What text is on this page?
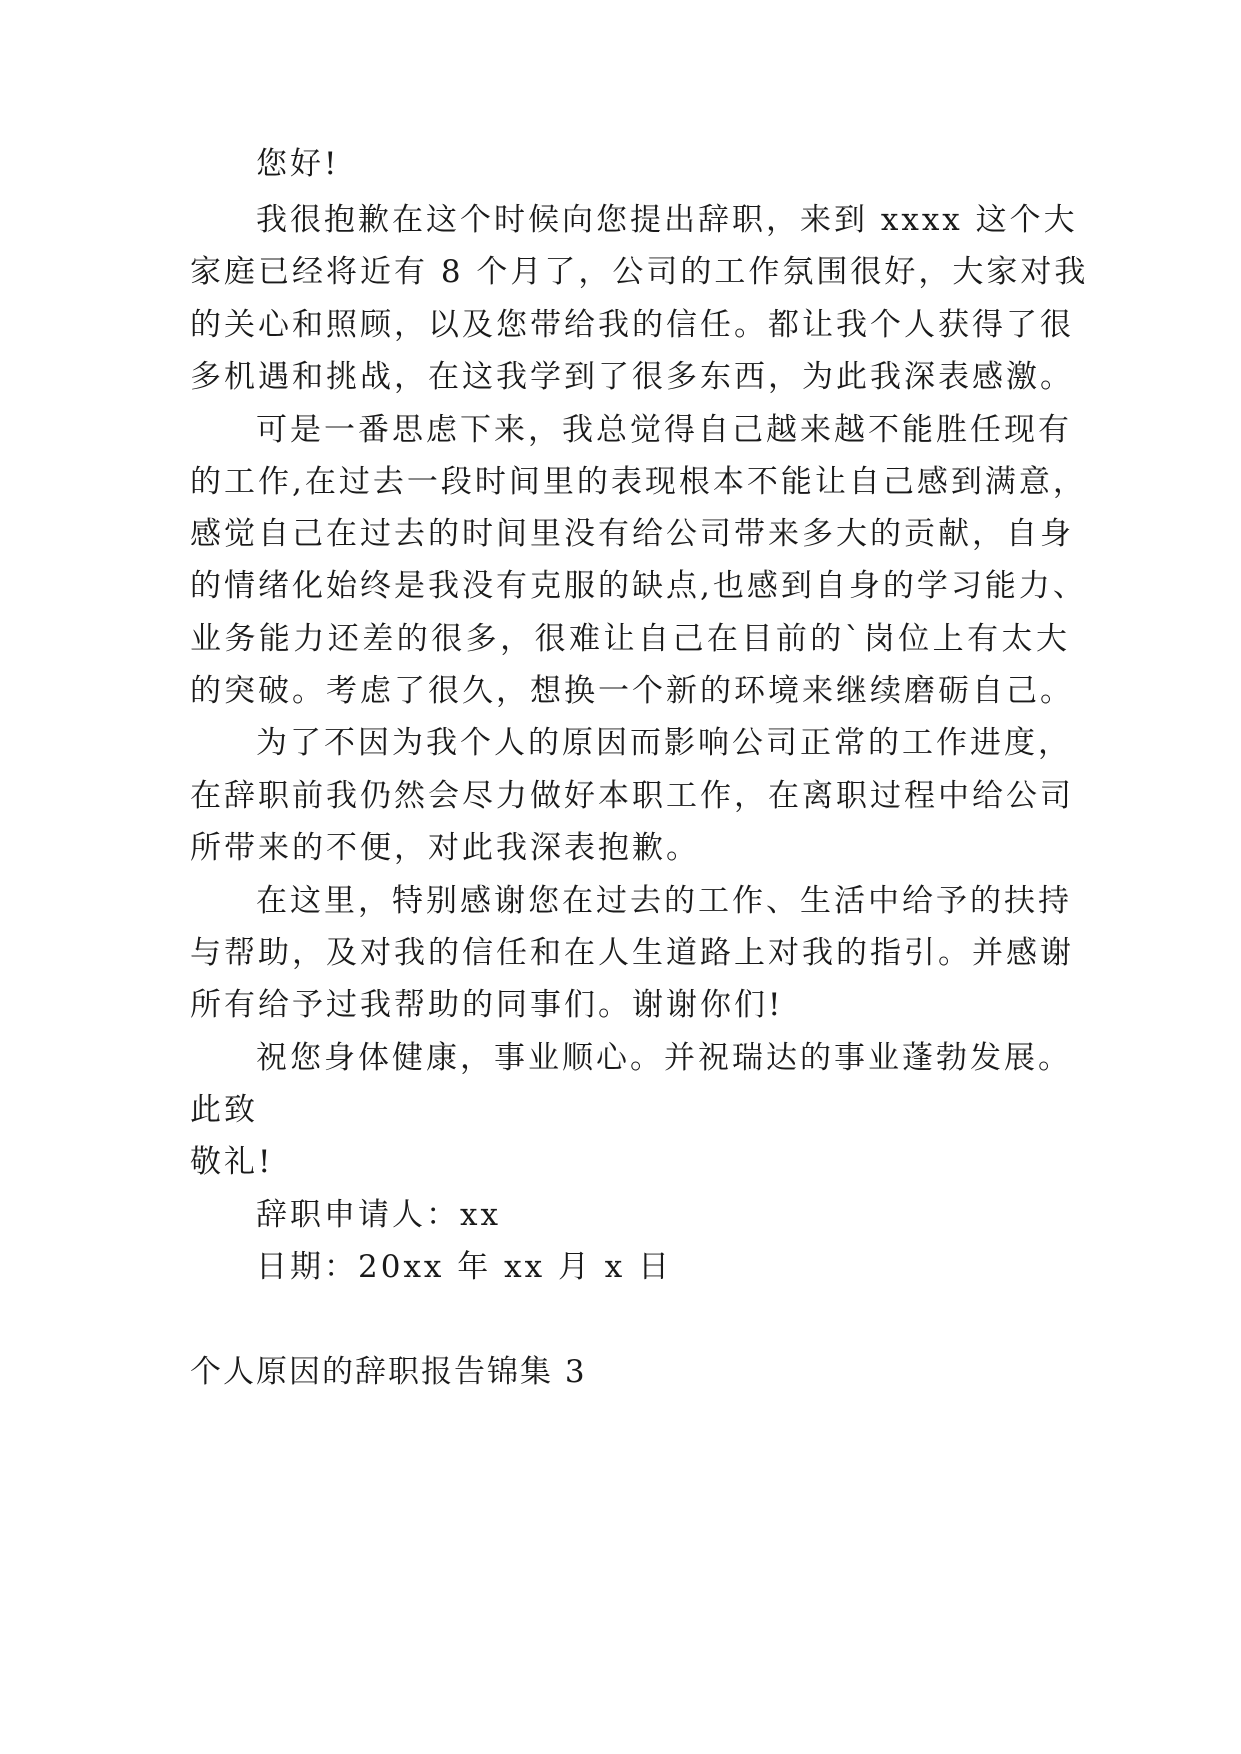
您好!
我很抱歉在这个时候向您提出辞职，来到 xxxx 这个大
家庭已经将近有 8 个月了，公司的工作氛围很好，大家对我
的关心和照顾，以及您带给我的信任。都让我个人获得了很
多机遇和挑战，在这我学到了很多东西，为此我深表感激。
可是一番思虑下来，我总觉得自己越来越不能胜任现有
的工作,在过去一段时间里的表现根本不能让自己感到满意，
感觉自己在过去的时间里没有给公司带来多大的贡献，自身
的情绪化始终是我没有克服的缺点,也感到自身的学习能力、
业务能力还差的很多，很难让自己在目前的`岗位上有太大
的突破。考虑了很久，想换一个新的环境来继续磨砺自己。
为了不因为我个人的原因而影响公司正常的工作进度，
在辞职前我仍然会尽力做好本职工作，在离职过程中给公司
所带来的不便，对此我深表抱歉。
在这里，特别感谢您在过去的工作、生活中给予的扶持
与帮助，及对我的信任和在人生道路上对我的指引。并感谢
所有给予过我帮助的同事们。谢谢你们!
祝您身体健康，事业顺心。并祝瑞达的事业蓬勃发展。
此致
敬礼!
辞职申请人：xx
日期：20xx 年 xx 月 x 日
个人原因的辞职报告锦集 3
